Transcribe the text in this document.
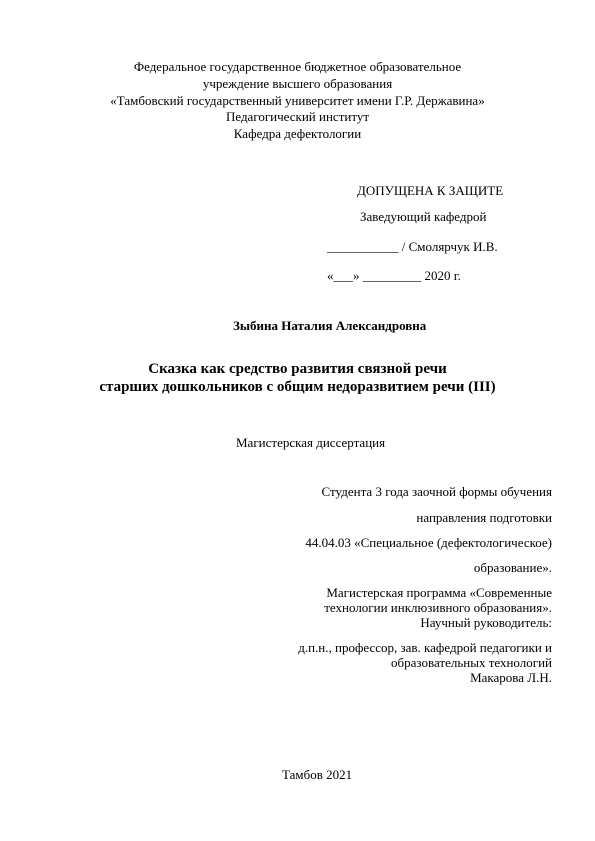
Федеральное государственное бюджетное образовательное
учреждение высшего образования
«Тамбовский государственный университет имени Г.Р. Державина»
Педагогический институт
Кафедра дефектологии
ДОПУЩЕНА К ЗАЩИТЕ
Заведующий кафедрой
___________ / Смолярчук И.В.
«___» _________ 2020 г.
Зыбина Наталия Александровна
Сказка как средство развития связной речи
старших дошкольников с общим недоразвитием речи (III)
Магистерская диссертация
Студента 3 года заочной формы обучения
направления подготовки
44.04.03 «Специальное (дефектологическое)
образование».
Магистерская программа «Современные
технологии инклюзивного образования».
Научный руководитель:
д.п.н., профессор, зав. кафедрой педагогики и
образовательных технологий
Макарова Л.Н.
Тамбов 2021
